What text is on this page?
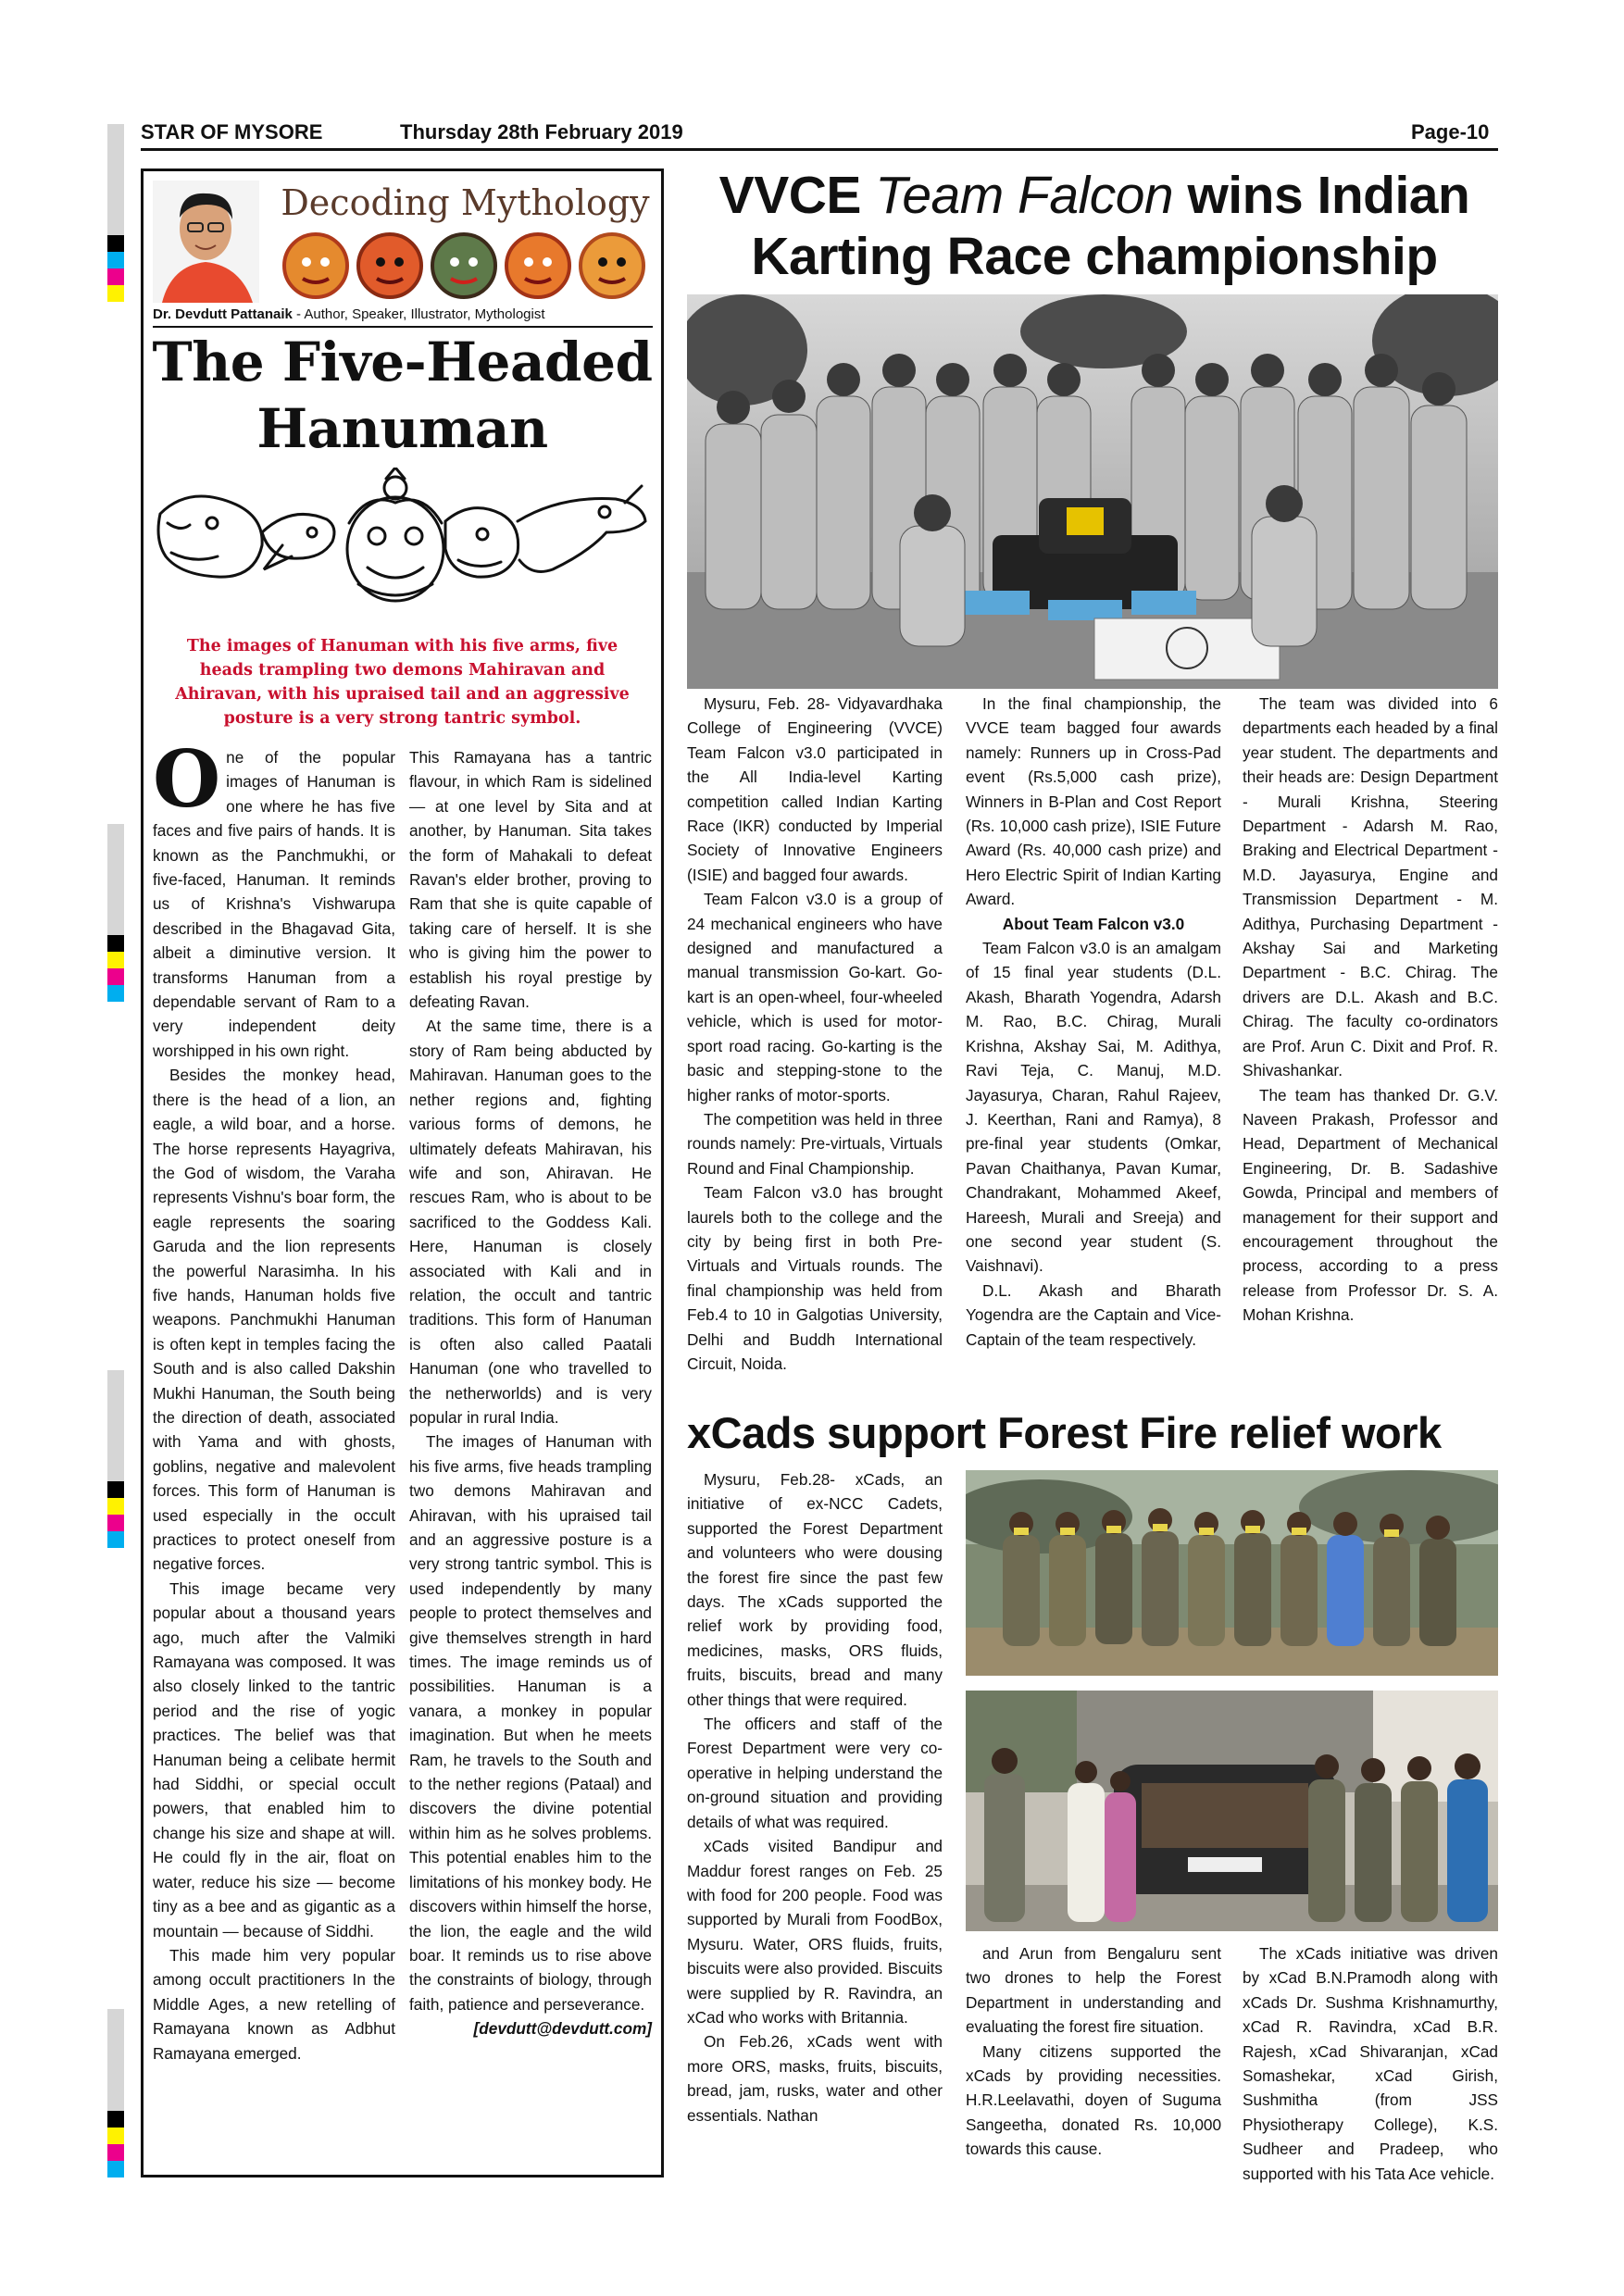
STAR OF MYSORE	Thursday 28th February 2019	Page-10
Decoding Mythology
Dr. Devdutt Pattanaik - Author, Speaker, Illustrator, Mythologist
The Five-Headed
Hanuman
The images of Hanuman with his five arms, five heads trampling two demons Mahiravan and Ahiravan, with his upraised tail and an aggressive posture is a very strong tantric symbol.
O ne of the popular images of Hanuman is one where he has five faces and five pairs of hands. It is known as the Panchmukhi, or five-faced, Hanuman. It reminds us of Krishna's Vishwarupa described in the Bhagavad Gita, albeit a diminutive version. It transforms Hanuman from a dependable servant of Ram to a very independent deity worshipped in his own right.

Besides the monkey head, there is the head of a lion, an eagle, a wild boar, and a horse. The horse represents Hayagriva, the God of wisdom, the Varaha represents Vishnu's boar form, the eagle represents the soaring Garuda and the lion represents the powerful Narasimha. In his five hands, Hanuman holds five weapons. Panchmukhi Hanuman is often kept in temples facing the South and is also called Dakshin Mukhi Hanuman, the South being the direction of death, associated with Yama and with ghosts, goblins, negative and malevolent forces. This form of Hanuman is used especially in the occult practices to protect oneself from negative forces.

This image became very popular about a thousand years ago, much after the Valmiki Ramayana was composed. It was also closely linked to the tantric period and the rise of yogic practices. The belief was that Hanuman being a celibate hermit had Siddhi, or special occult powers, that enabled him to change his size and shape at will. He could fly in the air, float on water, reduce his size — become tiny as a bee and as gigantic as a mountain — because of Siddhi.

This made him very popular among occult practitioners In the Middle Ages, a new retelling of Ramayana known as Adbhut Ramayana emerged.

This Ramayana has a tantric flavour, in which Ram is sidelined — at one level by Sita and at another, by Hanuman. Sita takes the form of Mahakali to defeat Ravan's elder brother, proving to Ram that she is quite capable of taking care of herself. It is she who is giving him the power to establish his royal prestige by defeating Ravan.

At the same time, there is a story of Ram being abducted by Mahiravan. Hanuman goes to the nether regions and, fighting various forms of demons, he ultimately defeats Mahiravan, his wife and son, Ahiravan. He rescues Ram, who is about to be sacrificed to the Goddess Kali. Here, Hanuman is closely associated with Kali and in relation, the occult and tantric traditions. This form of Hanuman is often also called Paatali Hanuman (one who travelled to the netherworlds) and is very popular in rural India.

The images of Hanuman with his five arms, five heads trampling two demons Mahiravan and Ahiravan, with his upraised tail and an aggressive posture is a very strong tantric symbol. This is used independently by many people to protect themselves and give themselves strength in hard times. The image reminds us of possibilities. Hanuman is a vanara, a monkey in popular imagination. But when he meets Ram, he travels to the South and to the nether regions (Pataal) and discovers the divine potential within him as he solves problems. This potential enables him to the limitations of his monkey body. He discovers within himself the horse, the lion, the eagle and the wild boar. It reminds us to rise above the constraints of biology, through faith, patience and perseverance.

[devdutt@devdutt.com]
VVCE Team Falcon wins Indian
Karting Race championship

Mysuru, Feb. 28- Vidyavardhaka College of Engineering (VVCE) Team Falcon v3.0 participated in the All India-level Karting competition called Indian Karting Race (IKR) conducted by Imperial Society of Innovative Engineers (ISIE) and bagged four awards.

Team Falcon v3.0 is a group of 24 mechanical engineers who have designed and manufactured a manual transmission Go-kart. Go-kart is an open-wheel, four-wheeled vehicle, which is used for motor-sport road racing. Go-karting is the basic and stepping-stone to the higher ranks of motor-sports.

The competition was held in three rounds namely: Pre-virtuals, Virtuals Round and Final Championship.

Team Falcon v3.0 has brought laurels both to the college and the city by being first in both Pre-Virtuals and Virtuals rounds. The final championship was held from Feb.4 to 10 in Galgotias University, Delhi and Buddh International Circuit, Noida.

In the final championship, the VVCE team bagged four awards namely: Runners up in Cross-Pad event (Rs.5,000 cash prize), Winners in B-Plan and Cost Report (Rs. 10,000 cash prize), ISIE Future Award (Rs. 40,000 cash prize) and Hero Electric Spirit of Indian Karting Award.

About Team Falcon v3.0

Team Falcon v3.0 is an amalgam of 15 final year students (D.L. Akash, Bharath Yogendra, Adarsh M. Rao, B.C. Chirag, Murali Krishna, Akshay Sai, M. Adithya, Ravi Teja, C. Manuj, M.D. Jayasurya, Charan, Rahul Rajeev, J. Keerthan, Rani and Ramya), 8 pre-final year students (Omkar, Pavan Chaithanya, Pavan Kumar, Chandrakant, Mohammed Akeef, Hareesh, Murali and Sreeja) and one second year student (S. Vaishnavi).

D.L. Akash and Bharath Yogendra are the Captain and Vice-Captain of the team respectively.

The team was divided into 6 departments each headed by a final year student. The departments and their heads are: Design Department - Murali Krishna, Steering Department - Adarsh M. Rao, Braking and Electrical Department - M.D. Jayasurya, Engine and Transmission Department - M. Adithya, Purchasing Department - Akshay Sai and Marketing Department - B.C. Chirag. The drivers are D.L. Akash and B.C. Chirag. The faculty co-ordinators are Prof. Arun C. Dixit and Prof. R. Shivashankar.

The team has thanked Dr. G.V. Naveen Prakash, Professor and Head, Department of Mechanical Engineering, Dr. B. Sadashive Gowda, Principal and members of management for their support and encouragement throughout the process, according to a press release from Professor Dr. S. A. Mohan Krishna.

xCads support Forest Fire relief work

Mysuru, Feb.28- xCads, an initiative of ex-NCC Cadets, supported the Forest Department and volunteers who were dousing the forest fire since the past few days. The xCads supported the relief work by providing food, medicines, masks, ORS fluids, fruits, biscuits, bread and many other things that were required.

The officers and staff of the Forest Department were very co-operative in helping understand the on-ground situation and providing details of what was required.

xCads visited Bandipur and Maddur forest ranges on Feb. 25 with food for 200 people. Food was supported by Murali from FoodBox, Mysuru. Water, ORS fluids, fruits, biscuits were also provided. Biscuits were supplied by R. Ravindra, an xCad who works with Britannia.

On Feb.26, xCads went with more ORS, masks, fruits, biscuits, bread, jam, rusks, water and other essentials. Nathan

and Arun from Bengaluru sent two drones to help the Forest Department in understanding and evaluating the forest fire situation.

Many citizens supported the xCads by providing necessities. H.R.Leelavathi, doyen of Suguma Sangeetha, donated Rs. 10,000 towards this cause.

The xCads initiative was driven by xCad B.N.Pramodh along with xCads Dr. Sushma Krishnamurthy, xCad R. Ravindra, xCad B.R. Rajesh, xCad Shivaranjan, xCad Somashekar, xCad Girish, Sushmitha (from JSS Physiotherapy College), K.S. Sudheer and Pradeep, who supported with his Tata Ace vehicle.
